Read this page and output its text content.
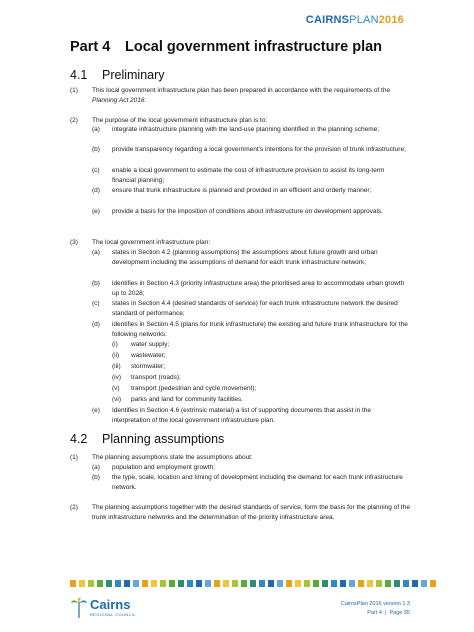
CAIRNSPLAN2016
Part 4 Local government infrastructure plan
4.1 Preliminary
(1) This local government infrastructure plan has been prepared in accordance with the requirements of the Planning Act 2016.
(2) The purpose of the local government infrastructure plan is to:
(a) integrate infrastructure planning with the land-use planning identified in the planning scheme;
(b) provide transparency regarding a local government's intentions for the provision of trunk infrastructure;
(c) enable a local government to estimate the cost of infrastructure provision to assist its long-term financial planning;
(d) ensure that trunk infrastructure is planned and provided in an efficient and orderly manner;
(e) provide a basis for the imposition of conditions about infrastructure on development approvals.
(3) The local government infrastructure plan:
(a) states in Section 4.2 (planning assumptions) the assumptions about future growth and urban development including the assumptions of demand for each trunk infrastructure network;
(b) identifies in Section 4.3 (priority infrastructure area) the prioritised area to accommodate urban growth up to 2028;
(c) states in Section 4.4 (desired standards of service) for each trunk infrastructure network the desired standard of performance;
(d) identifies in Section 4.5 (plans for trunk infrastructure) the existing and future trunk infrastructure for the following networks:
(i) water supply;
(ii) wastewater;
(iii) stormwater;
(iv) transport (roads);
(v) transport (pedestrian and cycle movement);
(vi) parks and land for community facilities.
(e) Identifies in Section 4.6 (extrinsic material) a list of supporting documents that assist in the interpretation of the local government infrastructure plan.
4.2 Planning assumptions
(1) The planning assumptions state the assumptions about:
(a) population and employment growth;
(b) the type, scale, location and timing of development including the demand for each trunk infrastructure network.
(2) The planning assumptions together with the desired standards of service, form the basis for the planning of the trunk infrastructure networks and the determination of the priority infrastructure area.
Cairns
REGIONAL COUNCIL
CairnsPlan 2016 version 1.3
Part 4 | Page 35
